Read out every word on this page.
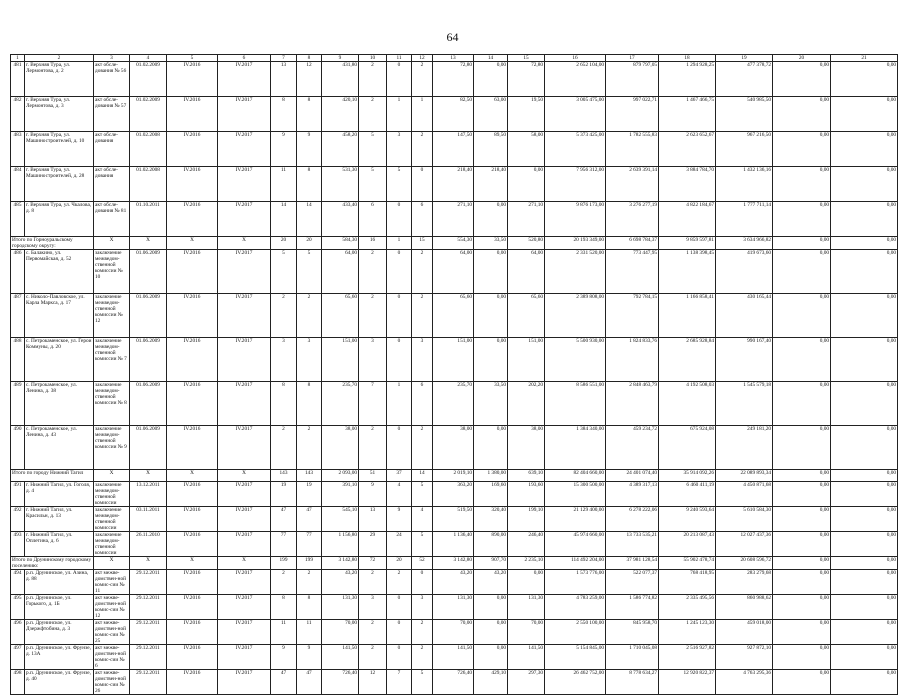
64
1	2	3	4	5	6	7	8	9	10	11	12	13	14	15	16	17	18	19	20	21
481	г. Верхняя Тура, ул. Лермонтова, д. 2	акт обсле-дования № 56	01.02.2009	IV.2016	IV.2017	13	12	431,80	2	0	2	72,80	0,00	72,80	2 652 104,00	879 797,05	1 294 928,25	477 378,72	0,00	0,00
482	г. Верхняя Тура, ул. Лермонтова, д. 3	акт обсле-дования № 57	01.02.2009	IV.2016	IV.2017	8	8	420,10	2	1	1	82,50	63,00	19,50	3 005 475,00	997 022,71	1 467 466,75	540 985,50	0,00	0,00
483	г. Верхняя Тура, ул. Машиностроителей, д. 10	акт обсле-дования	01.02.2008	IV.2016	IV.2017	9	9	458,20	5	3	2	147,50	89,50	58,00	5 373 425,00	1 782 555,83	2 623 652,67	967 216,50	0,00	0,00
484	г. Верхняя Тура, ул. Машиностроителей, д. 28	акт обсле-дования	01.02.2008	IV.2016	IV.2017	11	8	531,30	5	5	0	218,40	218,40	0,00	7 956 312,00	2 639 391,14	3 884 784,70	1 432 136,16	0,00	0,00
485	г. Верхняя Тура, ул. Чкалова, д. 8	акт обсле-дования № 81	01.10.2011	IV.2016	IV.2017	14	14	433,40	6	0	6	271,10	0,00	271,10	9 876 173,00	3 276 277,19	4 822 184,67	1 777 711,14	0,00	0,00
Итого по Горноуральскому городскому округу:		X	X	X	X	20	20	584,30	16	1	15	554,30	33,50	520,80	20 193 349,00	6 698 784,37	9 859 597,81	3 634 966,82	0,00	0,00
486	с. Балакино, ул. Первомайская, д. 52	заключение межведом-ственной комиссии № 10	01.06.2009	IV.2016	IV.2017	5	5	64,00	2	0	2	64,00	0,00	64,00	2 331 520,00	773 447,95	1 138 398,45	419 673,60	0,00	0,00
487	с. Николо-Павловское, ул. Карла Маркса, д. 17	заключение межведом-ственной комиссии № 12	01.06.2009	IV.2016	IV.2017	2	2	65,60	2	0	2	65,60	0,00	65,60	2 389 808,00	792 784,15	1 166 858,41	430 165,44	0,00	0,00
488	с. Петрокаменское, ул. Герои Коммуны, д. 20	заключение межведом-ственной комиссии № 7	01.06.2009	IV.2016	IV.2017	3	3	151,00	3	0	3	151,00	0,00	151,00	5 500 930,00	1 824 833,76	2 685 928,84	990 167,40	0,00	0,00
489	с. Петрокаменское, ул. Ленина, д. 38	заключение межведом-ственной комиссии № 8	01.06.2009	IV.2016	IV.2017	8	8	235,70	7	1	6	235,70	33,50	202,20	8 586 551,00	2 848 463,79	4 192 508,03	1 545 579,18	0,00	0,00
490	с. Петрокаменское, ул. Ленина, д. 43	заключение межведом-ственной комиссии № 9	01.06.2009	IV.2016	IV.2017	2	2	38,00	2	0	2	38,00	0,00	38,00	1 384 340,00	459 234,72	675 924,08	249 181,20	0,00	0,00
Итого по городу Нижний Тагил		X	X	X	X	143	143	2 093,00	51	37	14	2 019,10	1 380,00	639,10	82 404 660,00	24 401 074,40	35 914 092,26	22 089 893,34	0,00	0,00
491	г. Нижний Тагил, ул. Гоголя, д. 4	заключение межведом-ственной комиссии	13.12.2011	IV.2016	IV.2017	19	19	391,10	9	4	5	363,20	169,60	193,60	15 300 500,00	4 389 317,13	6 460 411,19	4 450 871,68	0,00	0,00
492	г. Нижний Тагил, ул. Красильн, д. 13	заключение межведом-ственной комиссии	03.11.2011	IV.2016	IV.2017	47	47	545,10	13	9	4	519,50	320,40	199,10	21 129 400,00	6 278 222,06	9 240 593,64	5 610 584,30	0,00	0,00
493	г. Нижний Тагил, ул. Оплетина, д. 6	заключение межведом-ственной комиссии	26.11.2010	IV.2016	IV.2017	77	77	1 156,80	29	24	5	1 136,40	890,00	246,40	45 974 660,00	13 733 535,21	20 213 087,43	12 027 437,36	0,00	0,00
Итого по Друнинскому городскому поселению:		X	X	X	X	199	199	3 142,80	72	20	52	3 142,80	907,70	2 235,10	114 492 204,00	37 981 128,54	55 902 478,74	20 608 596,72	0,00	0,00
494	р.п. Друнинское, ул. Азина, д. 88	акт межве-домствен-ной комис-сии № 11	29.12.2011	IV.2016	IV.2017	2	2	43,20	2	2	0	43,20	43,20	0,00	1 573 776,00	522 077,37	768 418,95	283 279,68	0,00	0,00
495	р.п. Друнинское, ул. Горького, д. 1Б	акт межве-домствен-ной комис-сии № 12	29.12.2011	IV.2016	IV.2017	8	8	131,30	3	0	3	131,30	0,00	131,30	4 783 259,00	1 586 774,82	2 335 495,56	860 988,62	0,00	0,00
496	р.п. Друнинское, ул. Дзержфтобина, д. 3	акт межве-домствен-ной комис-сии № 25	29.12.2011	IV.2016	IV.2017	11	11	70,00	2	0	2	70,00	0,00	70,00	2 550 100,00	845 958,70	1 245 123,30	459 018,00	0,00	0,00
497	р.п. Друнинское, ул. Фрунзе, д. 13А	акт межве-домствен-ной комис-сии № 6	29.12.2011	IV.2016	IV.2017	9	9	141,50	2	0	2	141,50	0,00	141,50	5 154 845,00	1 710 045,08	2 516 927,82	927 872,10	0,00	0,00
498	р.п. Друнинское, ул. Фрунзе, д. 40	акт межве-домствен-ной комис-сии № 26	29.12.2011	IV.2016	IV.2017	47	47	726,40	12	7	5	726,40	429,10	297,30	26 462 752,00	8 778 634,27	12 920 822,37	4 763 295,36	0,00	0,00
